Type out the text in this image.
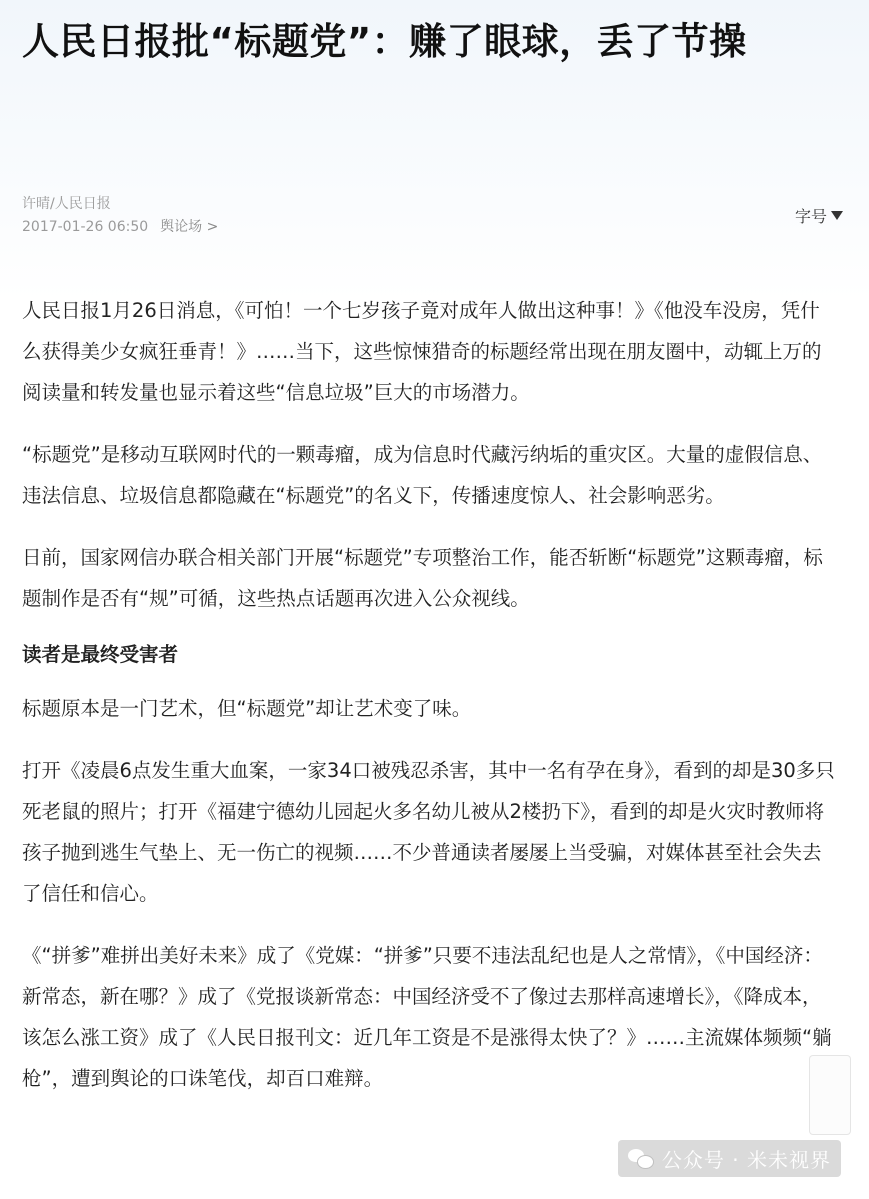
人民日报批“标题党”：赚了眼球，丢了节操
许晴/人民日报
2017-01-26 06:50 舆论场 >
字号

人民日报1月26日消息，《可怕！一个七岁孩子竟对成年人做出这种事！》《他没车没房，凭什么获得美少女疯狂垂青！》……当下，这些惊悚猎奇的标题经常出现在朋友圈中，动辄上万的阅读量和转发量也显示着这些“信息垃圾”巨大的市场潜力。

“标题党”是移动互联网时代的一颗毒瘤，成为信息时代藏污纳垢的重灾区。大量的虚假信息、违法信息、垃圾信息都隐藏在“标题党”的名义下，传播速度惊人、社会影响恶劣。

日前，国家网信办联合相关部门开展“标题党”专项整治工作，能否斩断“标题党”这颗毒瘤，标题制作是否有“规”可循，这些热点话题再次进入公众视线。

读者是最终受害者

标题原本是一门艺术，但“标题党”却让艺术变了味。

打开《凌晨6点发生重大血案，一家34口被残忍杀害，其中一名有孕在身》，看到的却是30多只死老鼠的照片；打开《福建宁德幼儿园起火多名幼儿被从2楼扔下》，看到的却是火灾时教师将孩子抛到逃生气垫上、无一伤亡的视频……不少普通读者屡屡上当受骗，对媒体甚至社会失去了信任和信心。

《“拼爹”难拼出美好未来》成了《党媒：“拼爹”只要不违法乱纪也是人之常情》，《中国经济：新常态，新在哪？》成了《党报谈新常态：中国经济受不了像过去那样高速增长》，《降成本，该怎么涨工资》成了《人民日报刊文：近几年工资是不是涨得太快了？》……主流媒体频频“躺枪”，遭到舆论的口诛笔伐，却百口难辩。

公众号 · 米未视界
